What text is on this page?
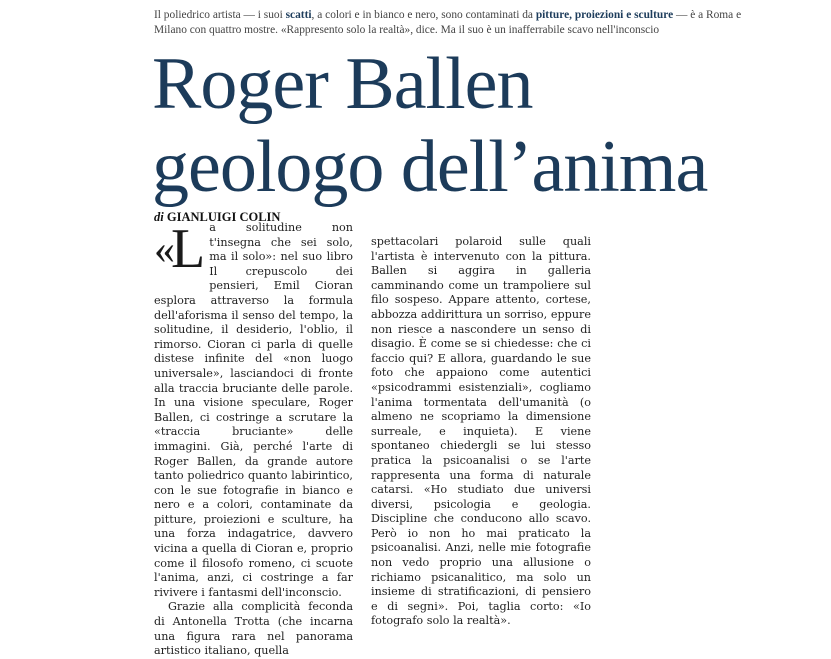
Il poliedrico artista — i suoi scatti, a colori e in bianco e nero, sono contaminati da pitture, proiezioni e sculture — è a Roma e Milano con quattro mostre. «Rappresento solo la realtà», dice. Ma il suo è un inafferrabile scavo nell'inconscio
Roger Ballen
geologo dell’anima
di GIANLUIGI COLIN

«L a solitudine non t'insegna che sei solo, ma il solo»: nel suo libro Il crepuscolo dei pensieri, Emil Cioran esplora attraverso la formula dell'aforisma il senso del tempo, la solitudine, il desiderio, l'oblio, il rimorso. Cioran ci parla di quelle distese infinite del «non luogo universale», lasciandoci di fronte alla traccia bruciante delle parole. In una visione speculare, Roger Ballen, ci costringe a scrutare la «traccia bruciante» delle immagini. Già, perché l'arte di Roger Ballen, da grande autore tanto poliedrico quanto labirintico, con le sue fotografie in bianco e nero e a colori, contaminate da pitture, proiezioni e sculture, ha una forza indagatrice, davvero vicina a quella di Cioran e, proprio come il filosofo romeno, ci scuote l'anima, anzi, ci costringe a far rivivere i fantasmi dell'inconscio.

Grazie alla complicità feconda di Antonella Trotta (che incarna una figura rara nel panorama artistico italiano, quella

spettacolari polaroid sulle quali l'artista è intervenuto con la pittura. Ballen si aggira in galleria camminando come un trampoliere sul filo sospeso. Appare attento, cortese, abbozza addirittura un sorriso, eppure non riesce a nascondere un senso di disagio. È come se si chiedesse: che ci faccio qui? E allora, guardando le sue foto che appaiono come autentici «psicodrammi esistenziali», cogliamo l'anima tormentata dell'umanità (o almeno ne scopriamo la dimensione surreale, e inquieta). E viene spontaneo chiedergli se lui stesso pratica la psicoanalisi o se l'arte rappresenta una forma di naturale catarsi. «Ho studiato due universi diversi, psicologia e geologia. Discipline che conducono allo scavo. Però io non ho mai praticato la psicoanalisi. Anzi, nelle mie fotografie non vedo proprio una allusione o richiamo psicanalitico, ma solo un insieme di stratificazioni, di pensiero e di segni». Poi, taglia corto: «Io fotografo solo la realtà».
